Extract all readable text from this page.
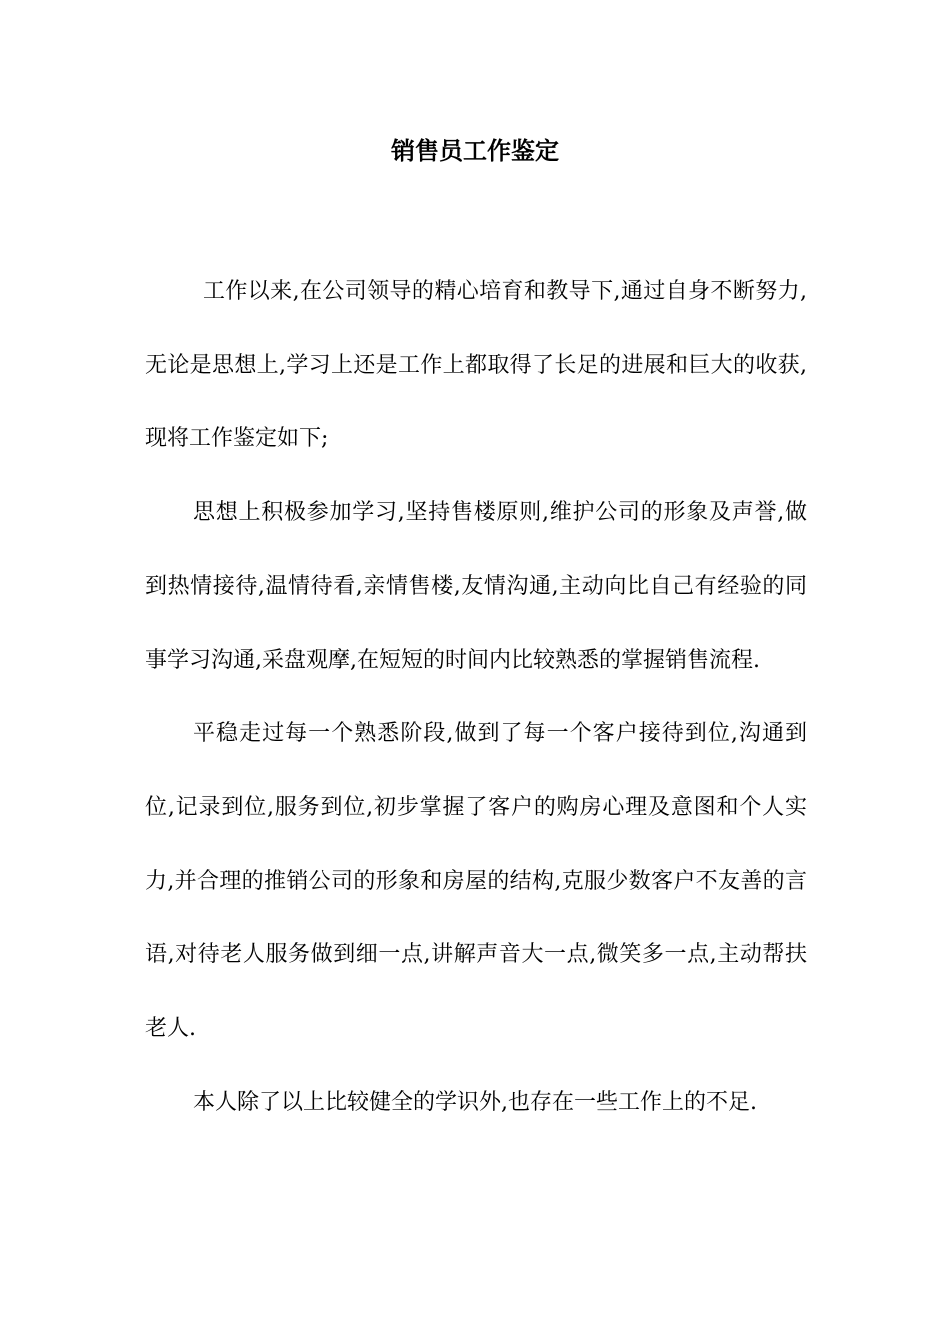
销售员工作鉴定

工作以来,在公司领导的精心培育和教导下,通过自身不断努力,无论是思想上,学习上还是工作上都取得了长足的进展和巨大的收获,现将工作鉴定如下;

思想上积极参加学习,坚持售楼原则,维护公司的形象及声誉,做到热情接待,温情待看,亲情售楼,友情沟通,主动向比自己有经验的同事学习沟通,采盘观摩,在短短的时间内比较熟悉的掌握销售流程.

平稳走过每一个熟悉阶段,做到了每一个客户接待到位,沟通到位,记录到位,服务到位,初步掌握了客户的购房心理及意图和个人实力,并合理的推销公司的形象和房屋的结构,克服少数客户不友善的言语,对待老人服务做到细一点,讲解声音大一点,微笑多一点,主动帮扶老人.

本人除了以上比较健全的学识外,也存在一些工作上的不足.
